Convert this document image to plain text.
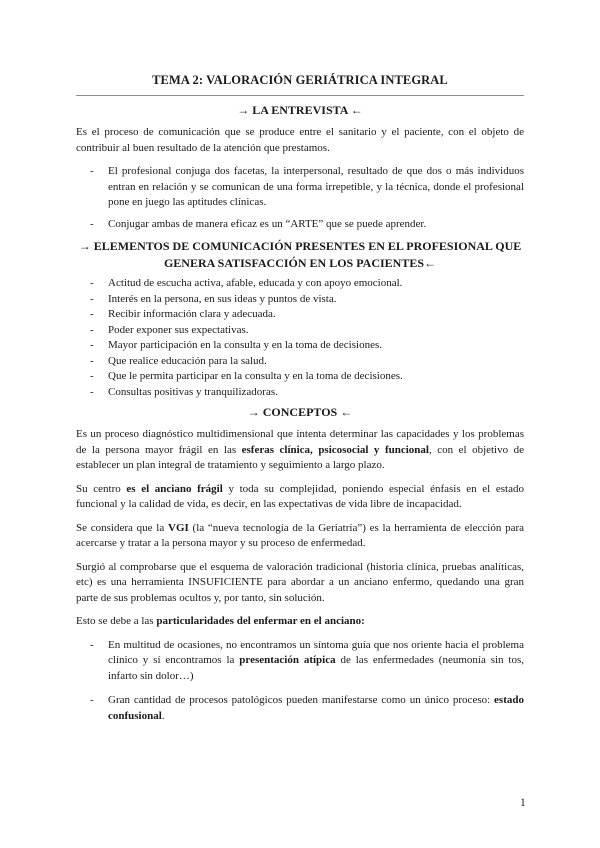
TEMA 2: VALORACIÓN GERIÁTRICA INTEGRAL
→ LA ENTREVISTA ←

Es el proceso de comunicación que se produce entre el sanitario y el paciente, con el objeto de contribuir al buen resultado de la atención que prestamos.

- El profesional conjuga dos facetas, la interpersonal, resultado de que dos o más individuos entran en relación y se comunican de una forma irrepetible, y la técnica, donde el profesional pone en juego las aptitudes clínicas.
- Conjugar ambas de manera eficaz es un “ARTE” que se puede aprender.
→ ELEMENTOS DE COMUNICACIÓN PRESENTES EN EL PROFESIONAL QUE GENERA SATISFACCIÓN EN LOS PACIENTES←
- Actitud de escucha activa, afable, educada y con apoyo emocional.
- Interés en la persona, en sus ideas y puntos de vista.
- Recibir información clara y adecuada.
- Poder exponer sus expectativas.
- Mayor participación en la consulta y en la toma de decisiones.
- Que realice educación para la salud.
- Que le permita participar en la consulta y en la toma de decisiones.
- Consultas positivas y tranquilizadoras.
→ CONCEPTOS ←

Es un proceso diagnóstico multidimensional que intenta determinar las capacidades y los problemas de la persona mayor frágil en las esferas clínica, psicosocial y funcional, con el objetivo de establecer un plan integral de tratamiento y seguimiento a largo plazo.

Su centro es el anciano frágil y toda su complejidad, poniendo especial énfasis en el estado funcional y la calidad de vida, es decir, en las expectativas de vida libre de incapacidad.

Se considera que la VGI (la “nueva tecnología de la Geriatría”) es la herramienta de elección para acercarse y tratar a la persona mayor y su proceso de enfermedad.

Surgió al comprobarse que el esquema de valoración tradicional (historia clínica, pruebas analíticas, etc) es una herramienta INSUFICIENTE para abordar a un anciano enfermo, quedando una gran parte de sus problemas ocultos y, por tanto, sin solución.

Esto se debe a las particularidades del enfermar en el anciano:

- En multitud de ocasiones, no encontramos un síntoma guía que nos oriente hacia el problema clínico y sí encontramos la presentación atípica de las enfermedades (neumonía sin tos, infarto sin dolor…)
- Gran cantidad de procesos patológicos pueden manifestarse como un único proceso: estado confusional.
1
